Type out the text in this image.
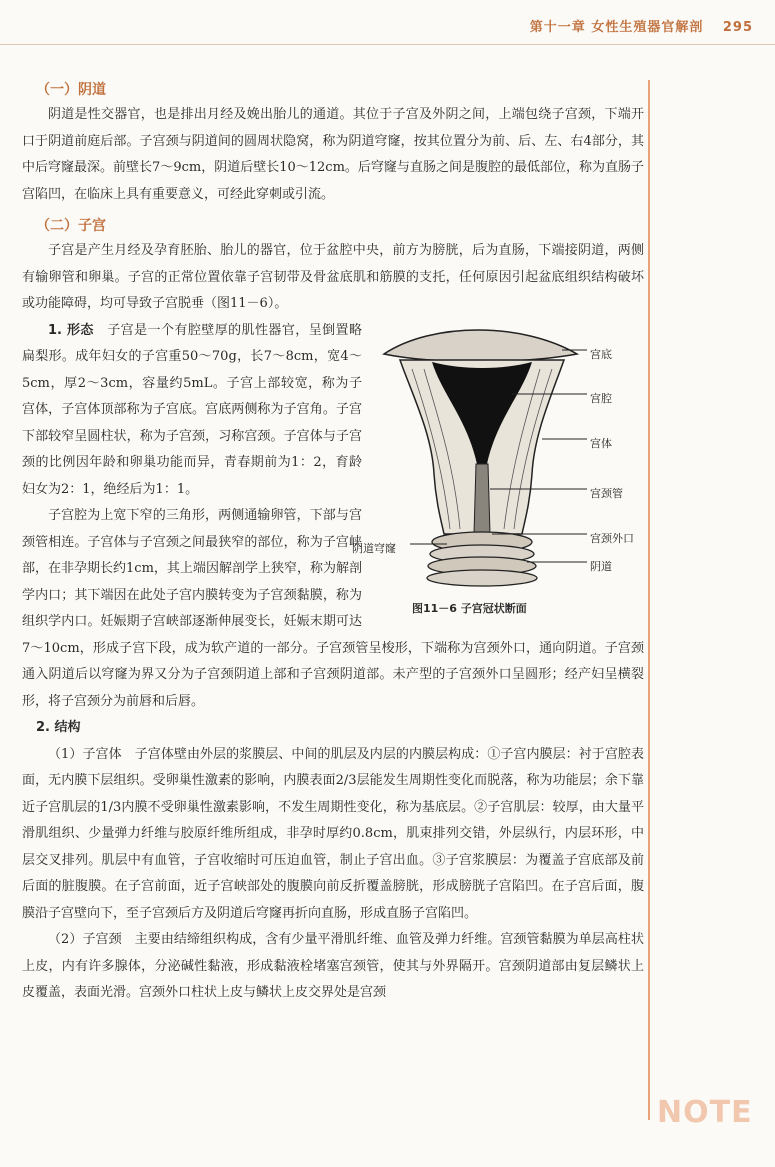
第十一章 女性生殖器官解剖 295
NOTE
（一）阴道

阴道是性交器官，也是排出月经及娩出胎儿的通道。其位于子宫及外阴之间，上端包绕子宫颈，下端开口于阴道前庭后部。子宫颈与阴道间的圆周状隐窝，称为阴道穹窿，按其位置分为前、后、左、右4部分，其中后穹窿最深。前壁长7～9cm，阴道后壁长10～12cm。后穹窿与直肠之间是腹腔的最低部位，称为直肠子宫陷凹，在临床上具有重要意义，可经此穿刺或引流。

（二）子宫

子宫是产生月经及孕育胚胎、胎儿的器官，位于盆腔中央，前方为膀胱，后为直肠，下端接阴道，两侧有输卵管和卵巢。子宫的正常位置依靠子宫韧带及骨盆底肌和筋膜的支托，任何原因引起盆底组织结构破坏或功能障碍，均可导致子宫脱垂（图11－6）。

宫底
宫腔
宫体
宫颈管
阴道穹窿
宫颈外口
阴道
图11－6 子宫冠状断面

1. 形态　 子宫是一个有腔壁厚的肌性器官，呈倒置略扁梨形。成年妇女的子宫重50～70g，长7～8cm，宽4～5cm，厚2～3cm，容量约5mL。子宫上部较宽，称为子宫体，子宫体顶部称为子宫底。宫底两侧称为子宫角。子宫下部较窄呈圆柱状，称为子宫颈，习称宫颈。子宫体与子宫颈的比例因年龄和卵巢功能而异，青春期前为1：2，育龄妇女为2：1，绝经后为1：1。

子宫腔为上宽下窄的三角形，两侧通输卵管，下部与宫颈管相连。子宫体与子宫颈之间最狭窄的部位，称为子宫峡部，在非孕期长约1cm，其上端因解剖学上狭窄，称为解剖学内口；其下端因在此处子宫内膜转变为子宫颈黏膜，称为组织学内口。妊娠期子宫峡部逐渐伸展变长，妊娠末期可达7～10cm，形成子宫下段，成为软产道的一部分。子宫颈管呈梭形，下端称为宫颈外口，通向阴道。子宫颈通入阴道后以穹窿为界又分为子宫颈阴道上部和子宫颈阴道部。未产型的子宫颈外口呈圆形；经产妇呈横裂形，将子宫颈分为前唇和后唇。

2. 结构

（1）子宫体　 子宫体壁由外层的浆膜层、中间的肌层及内层的内膜层构成：①子宫内膜层：衬于宫腔表面，无内膜下层组织。受卵巢性激素的影响，内膜表面2/3层能发生周期性变化而脱落，称为功能层；余下靠近子宫肌层的1/3内膜不受卵巢性激素影响，不发生周期性变化，称为基底层。②子宫肌层：较厚，由大量平滑肌组织、少量弹力纤维与胶原纤维所组成，非孕时厚约0.8cm，肌束排列交错，外层纵行，内层环形，中层交叉排列。肌层中有血管，子宫收缩时可压迫血管，制止子宫出血。③子宫浆膜层：为覆盖子宫底部及前后面的脏腹膜。在子宫前面，近子宫峡部处的腹膜向前反折覆盖膀胱，形成膀胱子宫陷凹。在子宫后面，腹膜沿子宫壁向下，至子宫颈后方及阴道后穹窿再折向直肠，形成直肠子宫陷凹。

（2）子宫颈　 主要由结缔组织构成，含有少量平滑肌纤维、血管及弹力纤维。宫颈管黏膜为单层高柱状上皮，内有许多腺体，分泌碱性黏液，形成黏液栓堵塞宫颈管，使其与外界隔开。宫颈阴道部由复层鳞状上皮覆盖，表面光滑。宫颈外口柱状上皮与鳞状上皮交界处是宫颈
